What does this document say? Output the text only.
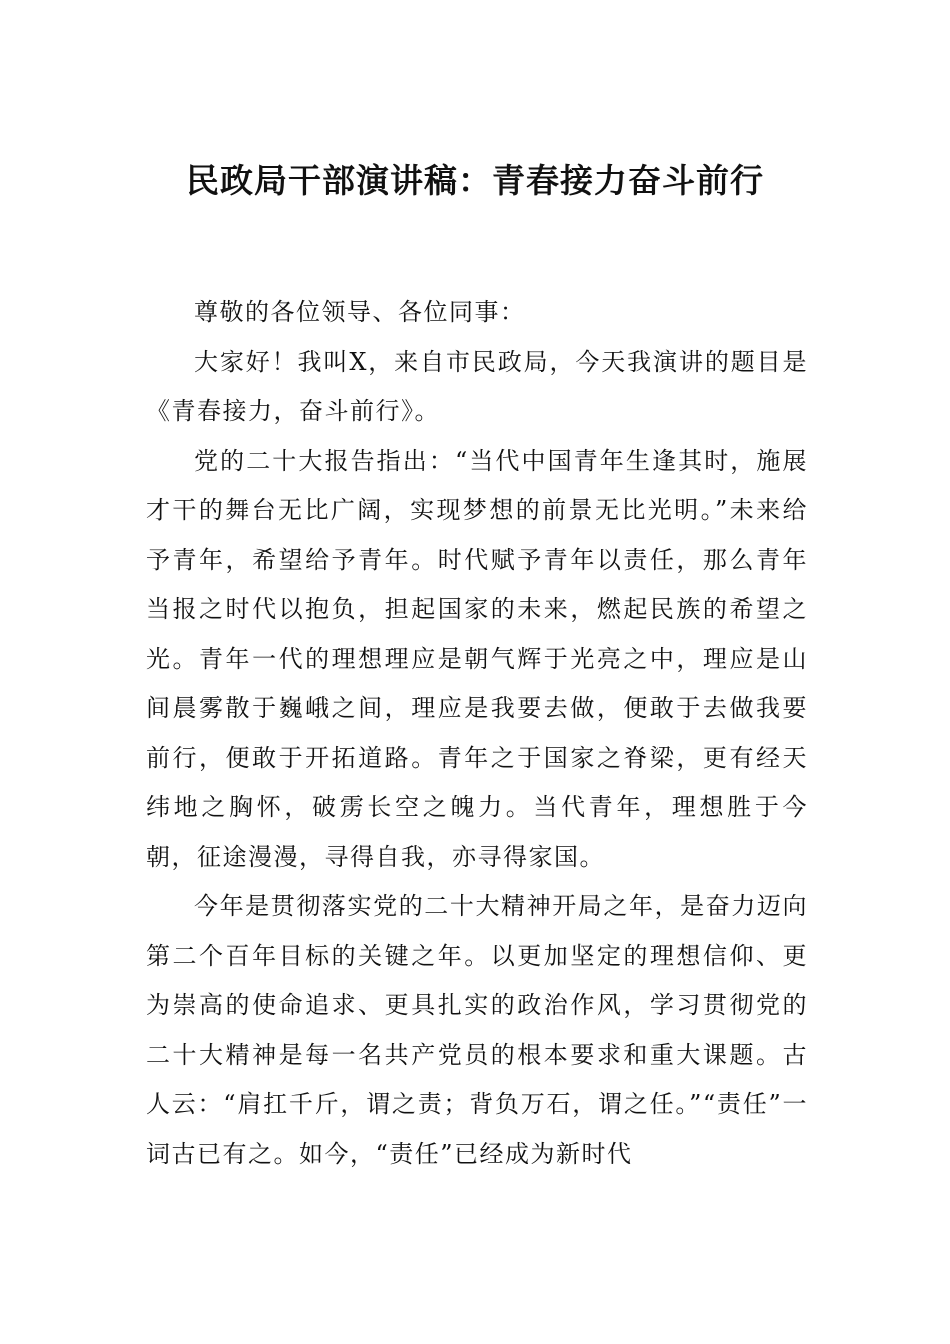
民政局干部演讲稿：青春接力奋斗前行

尊敬的各位领导、各位同事：

大家好！我叫X，来自市民政局，今天我演讲的题目是《青春接力，奋斗前行》。

党的二十大报告指出：“当代中国青年生逢其时，施展才干的舞台无比广阔，实现梦想的前景无比光明。”未来给予青年，希望给予青年。时代赋予青年以责任，那么青年当报之时代以抱负，担起国家的未来，燃起民族的希望之光。青年一代的理想理应是朝气辉于光亮之中，理应是山间晨雾散于巍峨之间，理应是我要去做，便敢于去做我要前行，便敢于开拓道路。青年之于国家之脊梁，更有经天纬地之胸怀，破雳长空之魄力。当代青年，理想胜于今朝，征途漫漫，寻得自我，亦寻得家国。

今年是贯彻落实党的二十大精神开局之年，是奋力迈向第二个百年目标的关键之年。以更加坚定的理想信仰、更为崇高的使命追求、更具扎实的政治作风，学习贯彻党的二十大精神是每一名共产党员的根本要求和重大课题。古人云：“肩扛千斤，谓之责；背负万石，谓之任。”“责任”一词古已有之。如今，“责任”已经成为新时代
